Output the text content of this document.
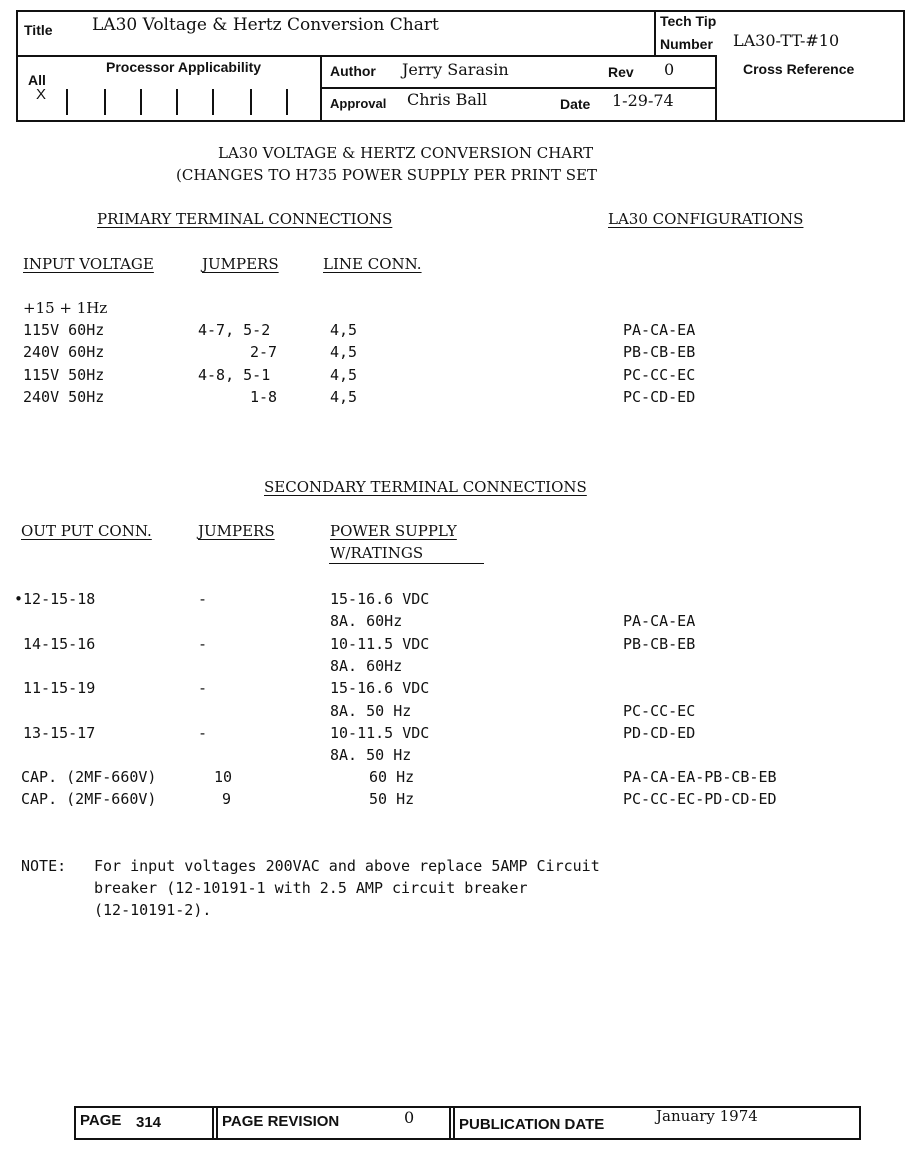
Title LA30 Voltage & Hertz Conversion Chart	Tech Tip
Number LA30-TT-#10
All
X
Processor Applicability	Author Jerry Sarasin	Rev 0	Cross Reference
Approval Chris Ball	Date 1-29-74
LA30 VOLTAGE & HERTZ CONVERSION CHART
(CHANGES TO H735 POWER SUPPLY PER PRINT SET
PRIMARY TERMINAL CONNECTIONS	LA30 CONFIGURATIONS
INPUT VOLTAGE	JUMPERS	LINE CONN.
+15 + 1Hz
115V 60Hz	4-7, 5-2	4,5	PA-CA-EA
240V 60Hz	2-7	4,5	PB-CB-EB
115V 50Hz	4-8, 5-1	4,5	PC-CC-EC
240V 50Hz	1-8	4,5	PC-CD-ED
SECONDARY TERMINAL CONNECTIONS
OUT PUT CONN.	JUMPERS	POWER SUPPLY
W/RATINGS
•12-15-18	-	15-16.6 VDC
8A. 60Hz	PA-CA-EA
14-15-16	-	10-11.5 VDC	PB-CB-EB
8A. 60Hz
11-15-19	-	15-16.6 VDC
8A. 50 Hz	PC-CC-EC
13-15-17	-	10-11.5 VDC	PD-CD-ED
8A. 50 Hz
CAP. (2MF-660V)	10	60 Hz	PA-CA-EA-PB-CB-EB
CAP. (2MF-660V)	9	50 Hz	PC-CC-EC-PD-CD-ED
NOTE: For input voltages 200VAC and above replace 5AMP Circuit
breaker (12-10191-1 with 2.5 AMP circuit breaker
(12-10191-2).
PAGE 314	PAGE REVISION	0	PUBLICATION DATE	January 1974
